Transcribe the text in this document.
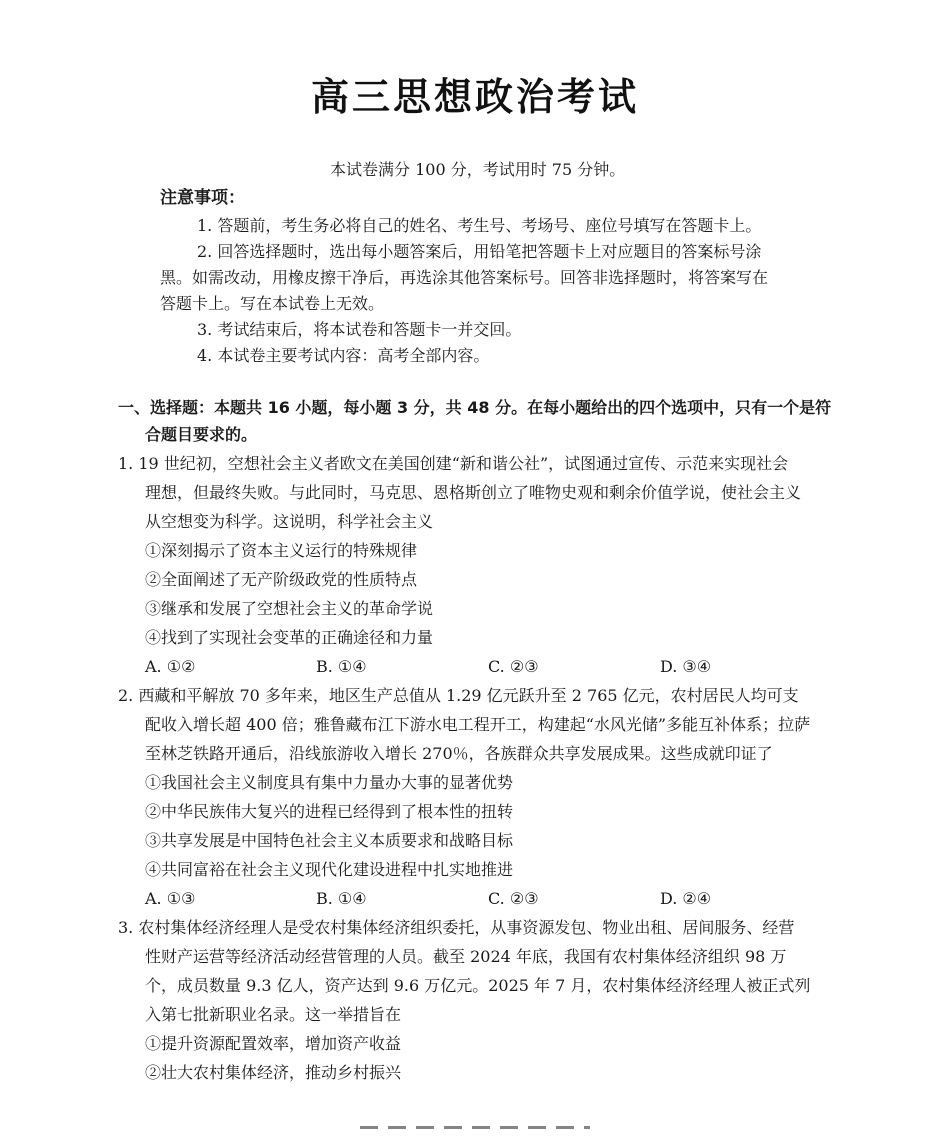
高三思想政治考试
本试卷满分 100 分，考试用时 75 分钟。
注意事项：
1. 答题前，考生务必将自己的姓名、考生号、考场号、座位号填写在答题卡上。
2. 回答选择题时，选出每小题答案后，用铅笔把答题卡上对应题目的答案标号涂
黑。如需改动，用橡皮擦干净后，再选涂其他答案标号。回答非选择题时，将答案写在
答题卡上。写在本试卷上无效。
3. 考试结束后，将本试卷和答题卡一并交回。
4. 本试卷主要考试内容：高考全部内容。
一、选择题：本题共 16 小题，每小题 3 分，共 48 分。在每小题给出的四个选项中，只有一个是符
合题目要求的。
1. 19 世纪初，空想社会主义者欧文在美国创建“新和谐公社”，试图通过宣传、示范来实现社会
理想，但最终失败。与此同时，马克思、恩格斯创立了唯物史观和剩余价值学说，使社会主义
从空想变为科学。这说明，科学社会主义
①深刻揭示了资本主义运行的特殊规律
②全面阐述了无产阶级政党的性质特点
③继承和发展了空想社会主义的革命学说
④找到了实现社会变革的正确途径和力量
A. ①②	B. ①④	C. ②③	D. ③④
2. 西藏和平解放 70 多年来，地区生产总值从 1.29 亿元跃升至 2 765 亿元，农村居民人均可支
配收入增长超 400 倍；雅鲁藏布江下游水电工程开工，构建起“水风光储”多能互补体系；拉萨
至林芝铁路开通后，沿线旅游收入增长 270％，各族群众共享发展成果。这些成就印证了
①我国社会主义制度具有集中力量办大事的显著优势
②中华民族伟大复兴的进程已经得到了根本性的扭转
③共享发展是中国特色社会主义本质要求和战略目标
④共同富裕在社会主义现代化建设进程中扎实地推进
A. ①③	B. ①④	C. ②③	D. ②④
3. 农村集体经济经理人是受农村集体经济组织委托，从事资源发包、物业出租、居间服务、经营
性财产运营等经济活动经营管理的人员。截至 2024 年底，我国有农村集体经济组织 98 万
个，成员数量 9.3 亿人，资产达到 9.6 万亿元。2025 年 7 月，农村集体经济经理人被正式列
入第七批新职业名录。这一举措旨在
①提升资源配置效率，增加资产收益
②壮大农村集体经济，推动乡村振兴
